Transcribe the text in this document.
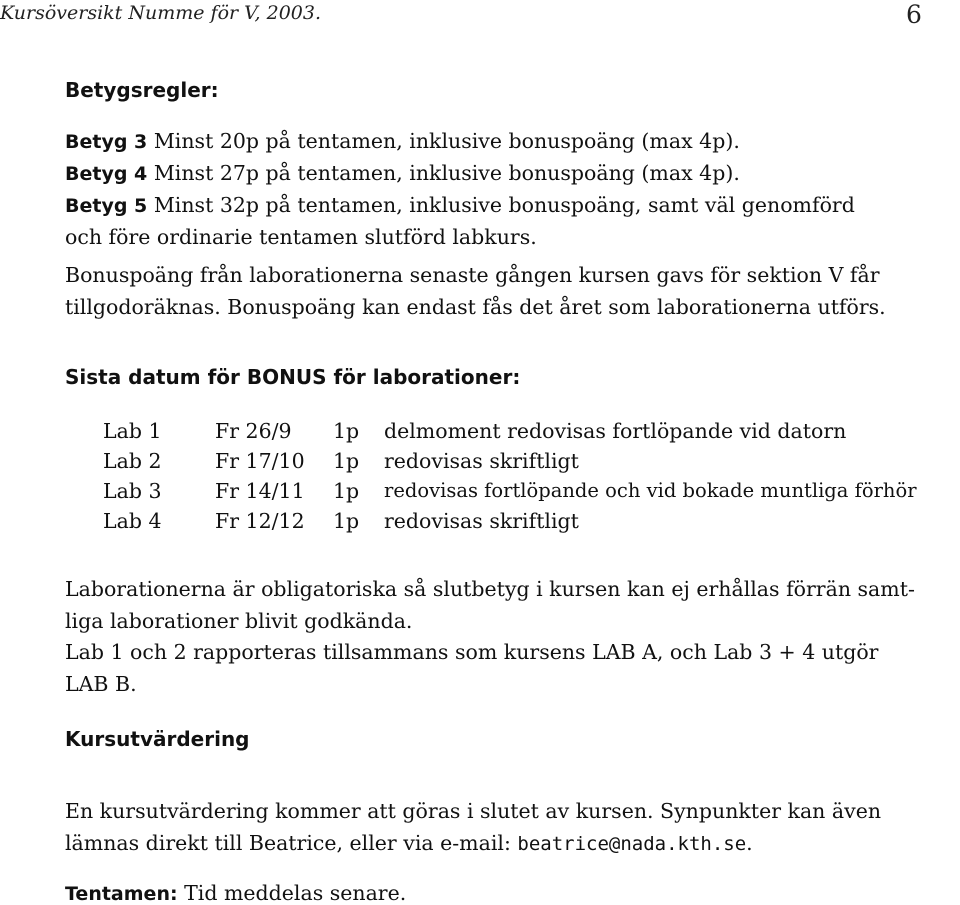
Kursöversikt Numme för V, 2003.	6
Betygsregler:
Betyg 3 Minst 20p på tentamen, inklusive bonuspoäng (max 4p).
Betyg 4 Minst 27p på tentamen, inklusive bonuspoäng (max 4p).
Betyg 5 Minst 32p på tentamen, inklusive bonuspoäng, samt väl genomförd
och före ordinarie tentamen slutförd labkurs.
Bonuspoäng från laborationerna senaste gången kursen gavs för sektion V får
tillgodoräknas. Bonuspoäng kan endast fås det året som laborationerna utförs.
Sista datum för BONUS för laborationer:
Lab 1	Fr 26/9 1p delmoment redovisas fortlöpande vid datorn
Lab 2	Fr 17/10 1p redovisas skriftligt
Lab 3	Fr 14/11 1p redovisas fortlöpande och vid bokade muntliga förhör
Lab 4	Fr 12/12 1p redovisas skriftligt
Laborationerna är obligatoriska så slutbetyg i kursen kan ej erhållas förrän samt-
liga laborationer blivit godkända.
Lab 1 och 2 rapporteras tillsammans som kursens LAB A, och Lab 3 + 4 utgör
LAB B.
Kursutvärdering
En kursutvärdering kommer att göras i slutet av kursen. Synpunkter kan även
lämnas direkt till Beatrice, eller via e-mail: beatrice@nada.kth.se.
Tentamen: Tid meddelas senare.
